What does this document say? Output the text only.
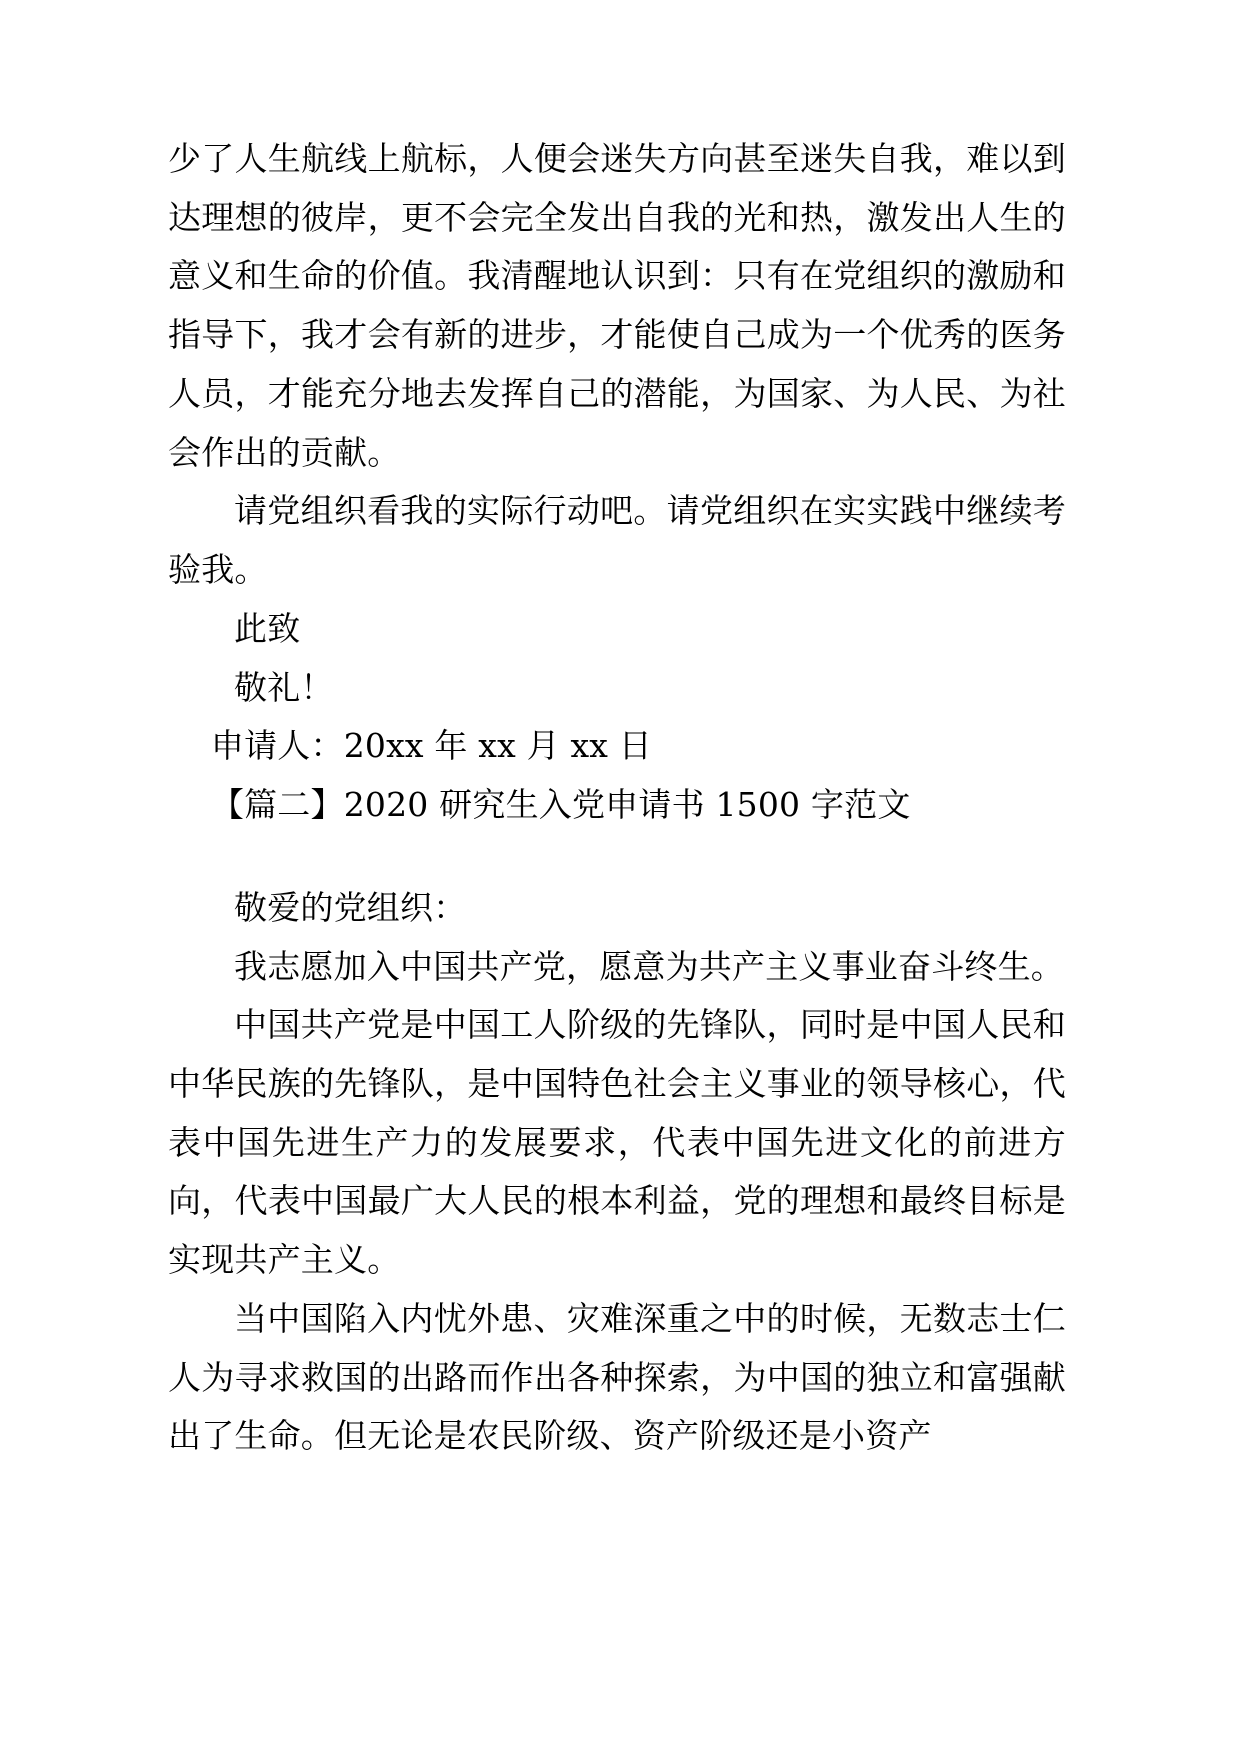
少了人生航线上航标，人便会迷失方向甚至迷失自我，难以到达理想的彼岸，更不会完全发出自我的光和热，激发出人生的意义和生命的价值。我清醒地认识到：只有在党组织的激励和指导下，我才会有新的进步，才能使自己成为一个优秀的医务人员，才能充分地去发挥自己的潜能，为国家、为人民、为社会作出的贡献。

请党组织看我的实际行动吧。请党组织在实实践中继续考验我。

此致

敬礼！

申请人：20xx 年 xx 月 xx 日

【篇二】2020 研究生入党申请书 1500 字范文

敬爱的党组织：

我志愿加入中国共产党，愿意为共产主义事业奋斗终生。

中国共产党是中国工人阶级的先锋队，同时是中国人民和中华民族的先锋队，是中国特色社会主义事业的领导核心，代表中国先进生产力的发展要求，代表中国先进文化的前进方向，代表中国最广大人民的根本利益，党的理想和最终目标是实现共产主义。

当中国陷入内忧外患、灾难深重之中的时候，无数志士仁人为寻求救国的出路而作出各种探索，为中国的独立和富强献出了生命。但无论是农民阶级、资产阶级还是小资产
